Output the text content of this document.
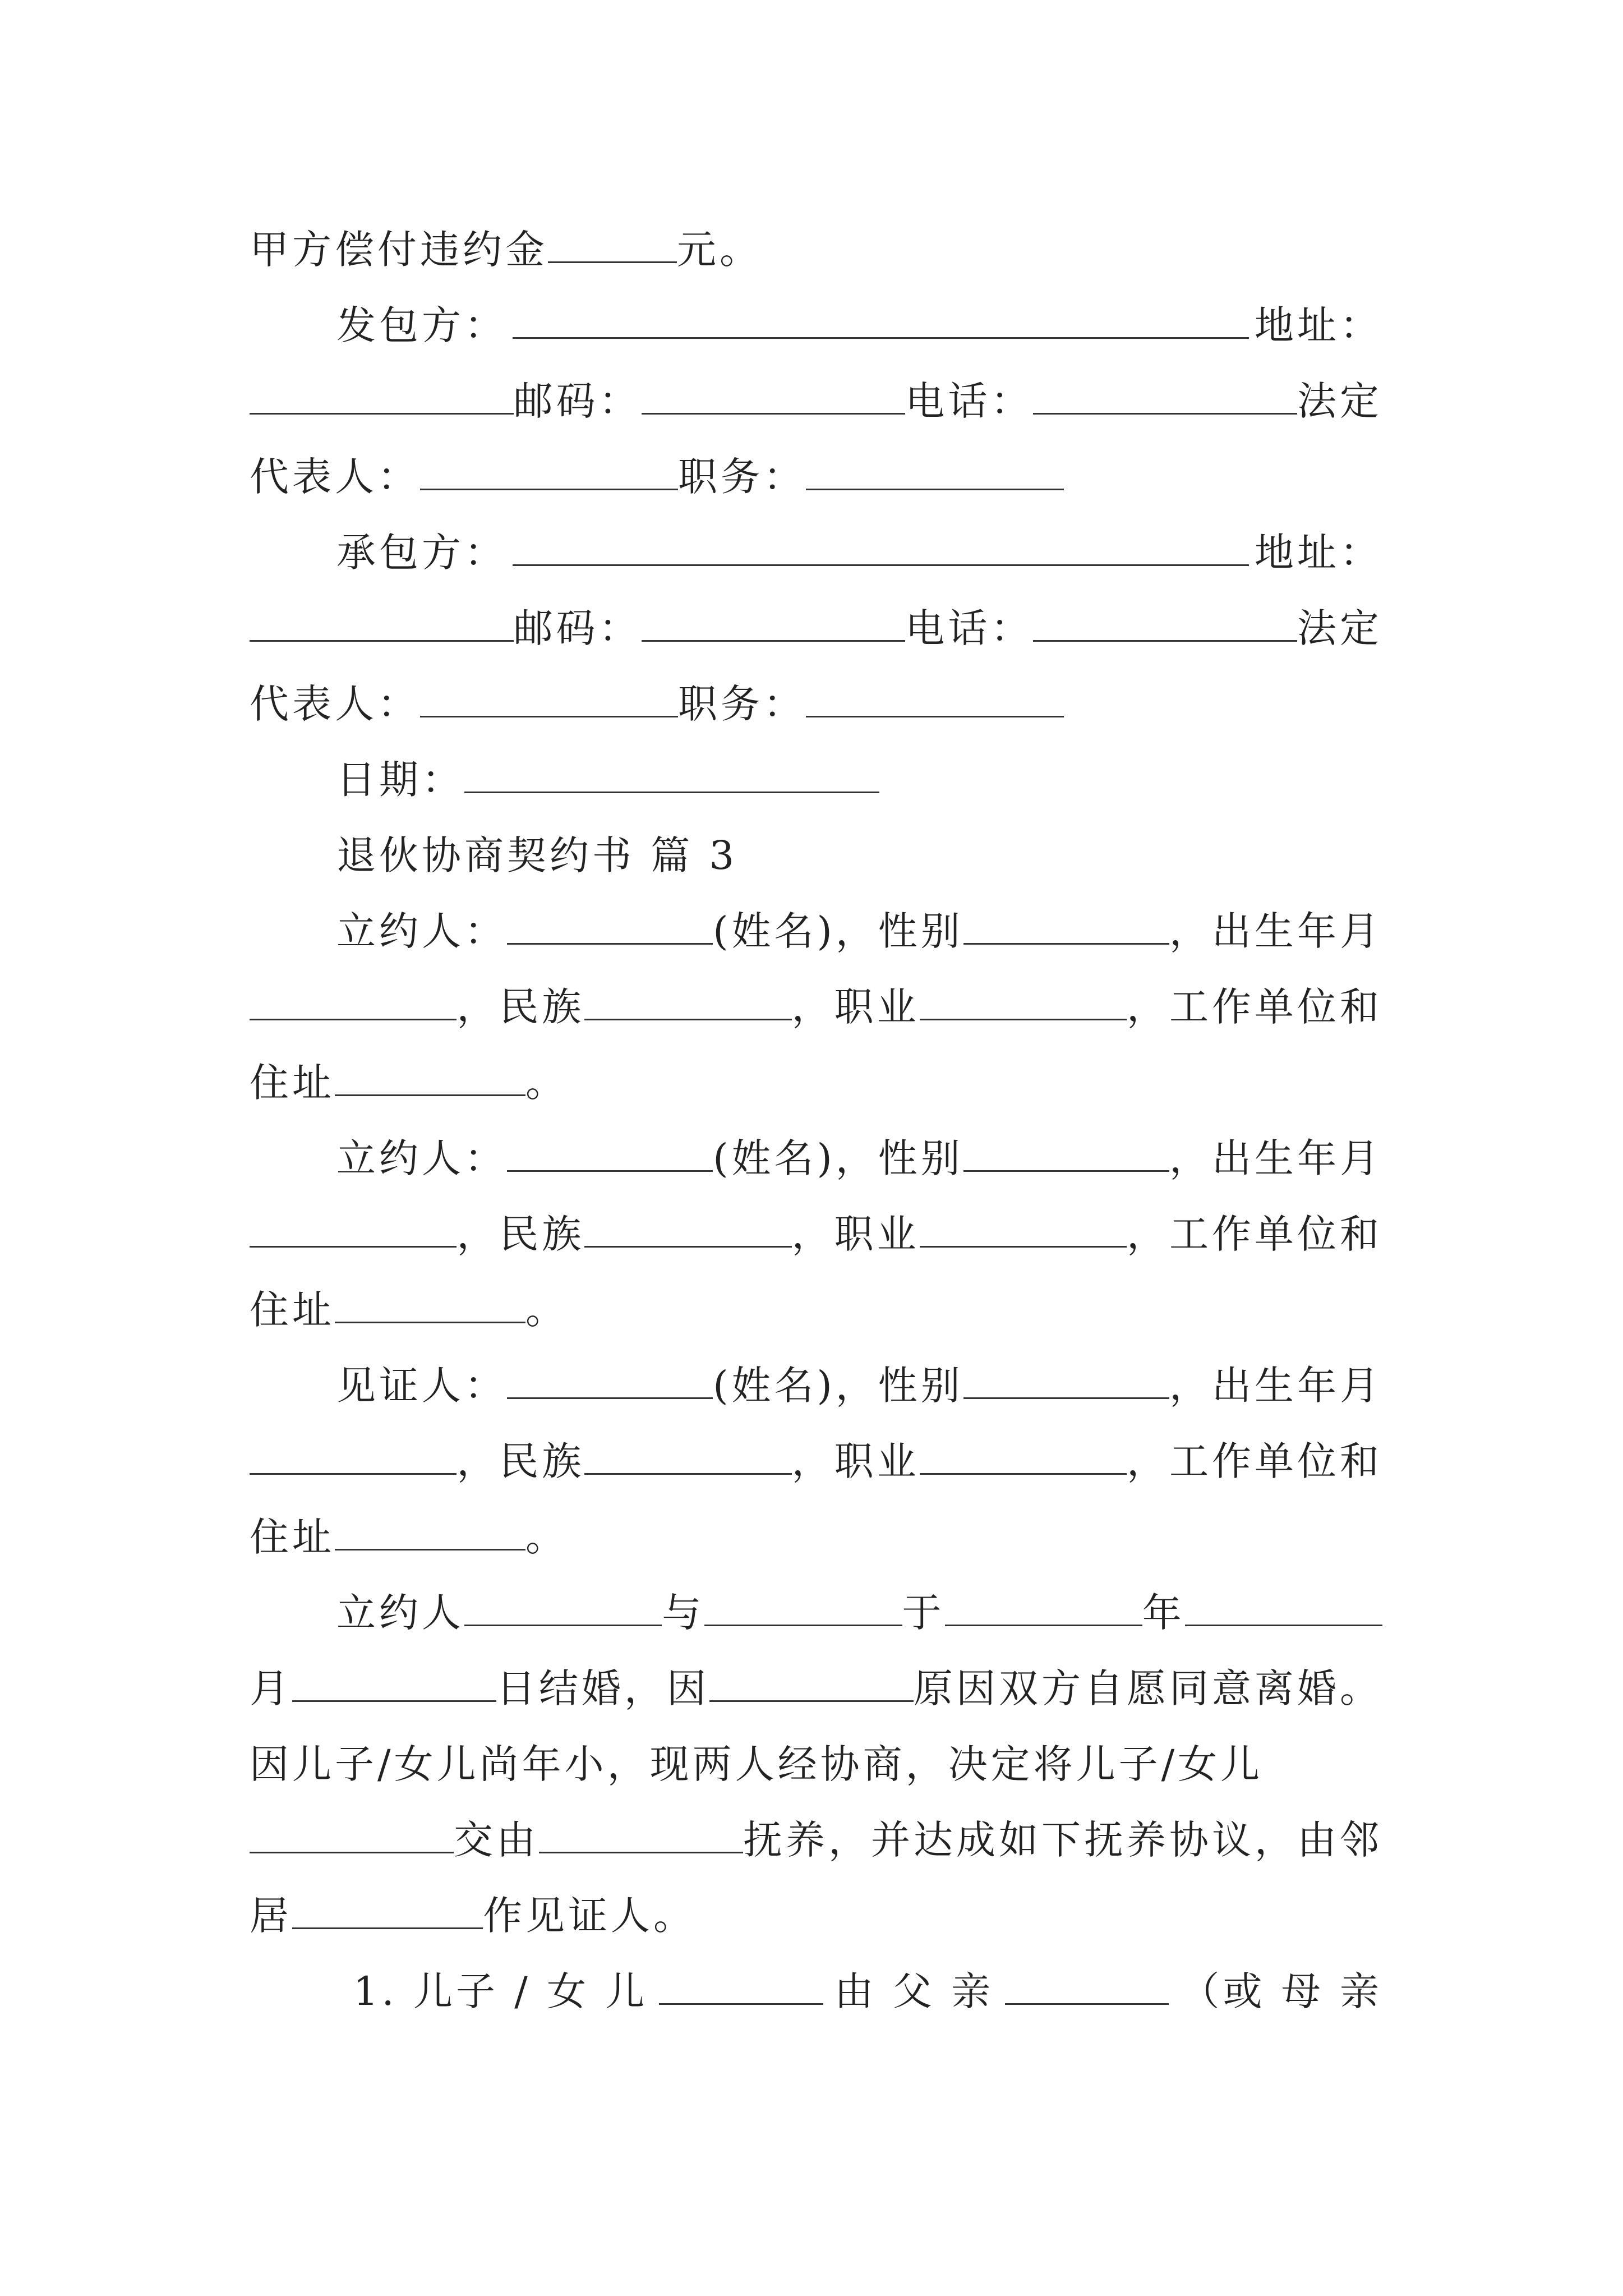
甲方偿付违约金	元。
发包方：	地址：
邮码：	电话：	法定
代表人：	职务：
承包方：	地址：
邮码：	电话：	法定
代表人：	职务：
日期：
退伙协商契约书 篇 3
立约人：	(姓名)，性别	，出生年月
，民族	，职业	，工作单位和
住址	。
立约人：	(姓名)，性别	，出生年月
，民族	，职业	，工作单位和
住址	。
见证人：	(姓名)，性别	，出生年月
，民族	，职业	，工作单位和
住址	。
立约人	与	于	年
月	日结婚，因	原因双方自愿同意离婚。
因儿子/女儿尚年小，现两人经协商，决定将儿子/女儿
交由	抚养，并达成如下抚养协议，由邻
居	作见证人。
1. 儿子 / 女 儿	由 父 亲	（或 母 亲
